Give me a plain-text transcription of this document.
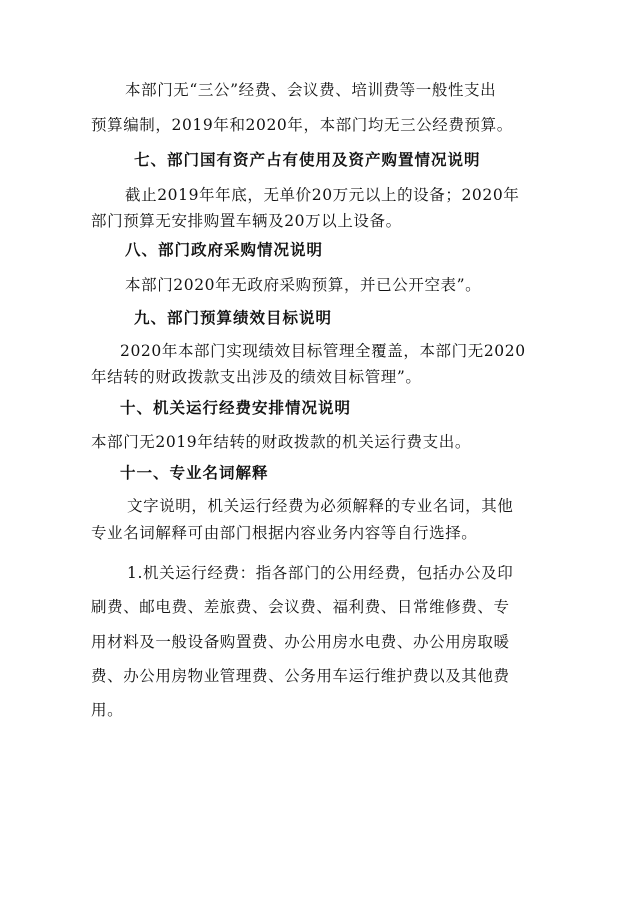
本部门无“三公”经费、会议费、培训费等一般性支出
预算编制，2019年和2020年，本部门均无三公经费预算。
七、部门国有资产占有使用及资产购置情况说明
截止2019年年底，无单价20万元以上的设备；2020年
部门预算无安排购置车辆及20万以上设备。
八、部门政府采购情况说明
本部门2020年无政府采购预算，并已公开空表”。
九、部门预算绩效目标说明
2020年本部门实现绩效目标管理全覆盖，本部门无2020
年结转的财政拨款支出涉及的绩效目标管理”。
十、机关运行经费安排情况说明
本部门无2019年结转的财政拨款的机关运行费支出。
十一、专业名词解释
文字说明，机关运行经费为必须解释的专业名词，其他
专业名词解释可由部门根据内容业务内容等自行选择。
1.机关运行经费：指各部门的公用经费，包括办公及印
刷费、邮电费、差旅费、会议费、福利费、日常维修费、专
用材料及一般设备购置费、办公用房水电费、办公用房取暖
费、办公用房物业管理费、公务用车运行维护费以及其他费
用。
